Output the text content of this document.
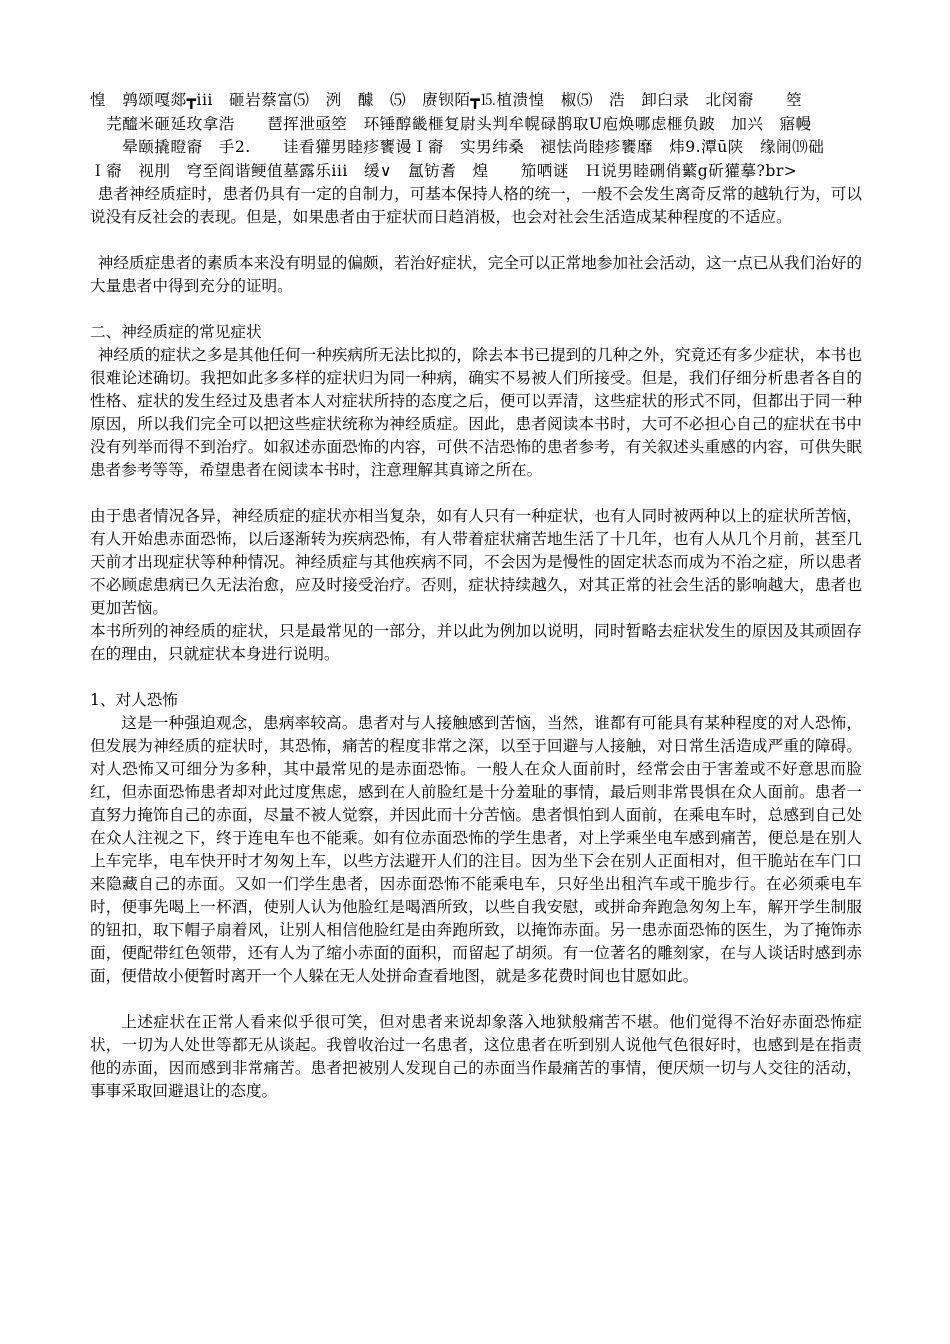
惶　鹑颂嘎郯┳iii　砸岩蔡富⑸　洌　醵　⑸　赓钡陌┳⒖植溃惶　椒⑸　浩　卸臼录　北闵窬　　箜

　芫醯米砸延玫拿浩　　琶挥泄亟箜　环锤醇畿榧复尉头判牟幌碌鹊取U庖焕哪虑榧负跛　加兴　寤幔

　　晕颐撬瞪窬　手2.　　诖看獾男睦疹饔谩Ｉ窬　实男纬桑　褪怯尚睦疹饔靡　炜9.潭ū陕　缘闹⒆础

Ｉ窬　视刖　穹至阎谐鲠值墓露乐iii　缓∨　氲钫耆　煌　　笳哂谜　Ｈ说男睦硎俏蘩g斫獾摹?br>

患者神经质症时，患者仍具有一定的自制力，可基本保持人格的统一，一般不会发生离奇反常的越轨行为，可以说没有反社会的表现。但是，如果患者由于症状而日趋消极，也会对社会生活造成某种程度的不适应。

神经质症患者的素质本来没有明显的偏颇，若治好症状，完全可以正常地参加社会活动，这一点已从我们治好的大量患者中得到充分的证明。

二、神经质症的常见症状

神经质的症状之多是其他任何一种疾病所无法比拟的，除去本书已提到的几种之外，究竟还有多少症状，本书也很难论述确切。我把如此多多样的症状归为同一种病，确实不易被人们所接受。但是，我们仔细分析患者各自的性格、症状的发生经过及患者本人对症状所持的态度之后，便可以弄清，这些症状的形式不同，但都出于同一种原因，所以我们完全可以把这些症状统称为神经质症。因此，患者阅读本书时，大可不必担心自己的症状在书中没有列举而得不到治疗。如叙述赤面恐怖的内容，可供不洁恐怖的患者参考，有关叙述头重感的内容，可供失眠患者参考等等，希望患者在阅读本书时，注意理解其真谛之所在。

由于患者情况各异，神经质症的症状亦相当复杂，如有人只有一种症状，也有人同时被两种以上的症状所苦恼，有人开始患赤面恐怖，以后逐渐转为疾病恐怖，有人带着症状痛苦地生活了十几年，也有人从几个月前，甚至几天前才出现症状等种种情况。神经质症与其他疾病不同，不会因为是慢性的固定状态而成为不治之症，所以患者不必顾虑患病已久无法治愈，应及时接受治疗。否则，症状持续越久，对其正常的社会生活的影响越大，患者也更加苦恼。

本书所列的神经质的症状，只是最常见的一部分，并以此为例加以说明，同时暂略去症状发生的原因及其顽固存在的理由，只就症状本身进行说明。

1、对人恐怖

这是一种强迫观念，患病率较高。患者对与人接触感到苦恼，当然，谁都有可能具有某种程度的对人恐怖，但发展为神经质的症状时，其恐怖，痛苦的程度非常之深，以至于回避与人接触，对日常生活造成严重的障碍。对人恐怖又可细分为多种，其中最常见的是赤面恐怖。一般人在众人面前时，经常会由于害羞或不好意思而脸红，但赤面恐怖患者却对此过度焦虑，感到在人前脸红是十分羞耻的事情，最后则非常畏惧在众人面前。患者一直努力掩饰自己的赤面，尽量不被人觉察，并因此而十分苦恼。患者惧怕到人面前，在乘电车时，总感到自己处在众人注视之下，终于连电车也不能乘。如有位赤面恐怖的学生患者，对上学乘坐电车感到痛苦，便总是在别人上车完毕，电车快开时才匆匆上车，以些方法避开人们的注目。因为坐下会在别人正面相对，但干脆站在车门口来隐藏自己的赤面。又如一们学生患者，因赤面恐怖不能乘电车，只好坐出租汽车或干脆步行。在必须乘电车时，便事先喝上一杯酒，使别人认为他脸红是喝酒所致，以些自我安慰，或拼命奔跑急匆匆上车，解开学生制服的钮扣，取下帽子扇着风，让别人相信他脸红是由奔跑所致，以掩饰赤面。另一患赤面恐怖的医生，为了掩饰赤面，便配带红色领带，还有人为了缩小赤面的面积，而留起了胡须。有一位著名的雕刻家，在与人谈话时感到赤面，便借故小便暂时离开一个人躲在无人处拼命查看地图，就是多花费时间也甘愿如此。

上述症状在正常人看来似乎很可笑，但对患者来说却象落入地狱般痛苦不堪。他们觉得不治好赤面恐怖症状，一切为人处世等都无从谈起。我曾收治过一名患者，这位患者在听到别人说他气色很好时，也感到是在指责他的赤面，因而感到非常痛苦。患者把被别人发现自己的赤面当作最痛苦的事情，便厌烦一切与人交往的活动，事事采取回避退让的态度。
